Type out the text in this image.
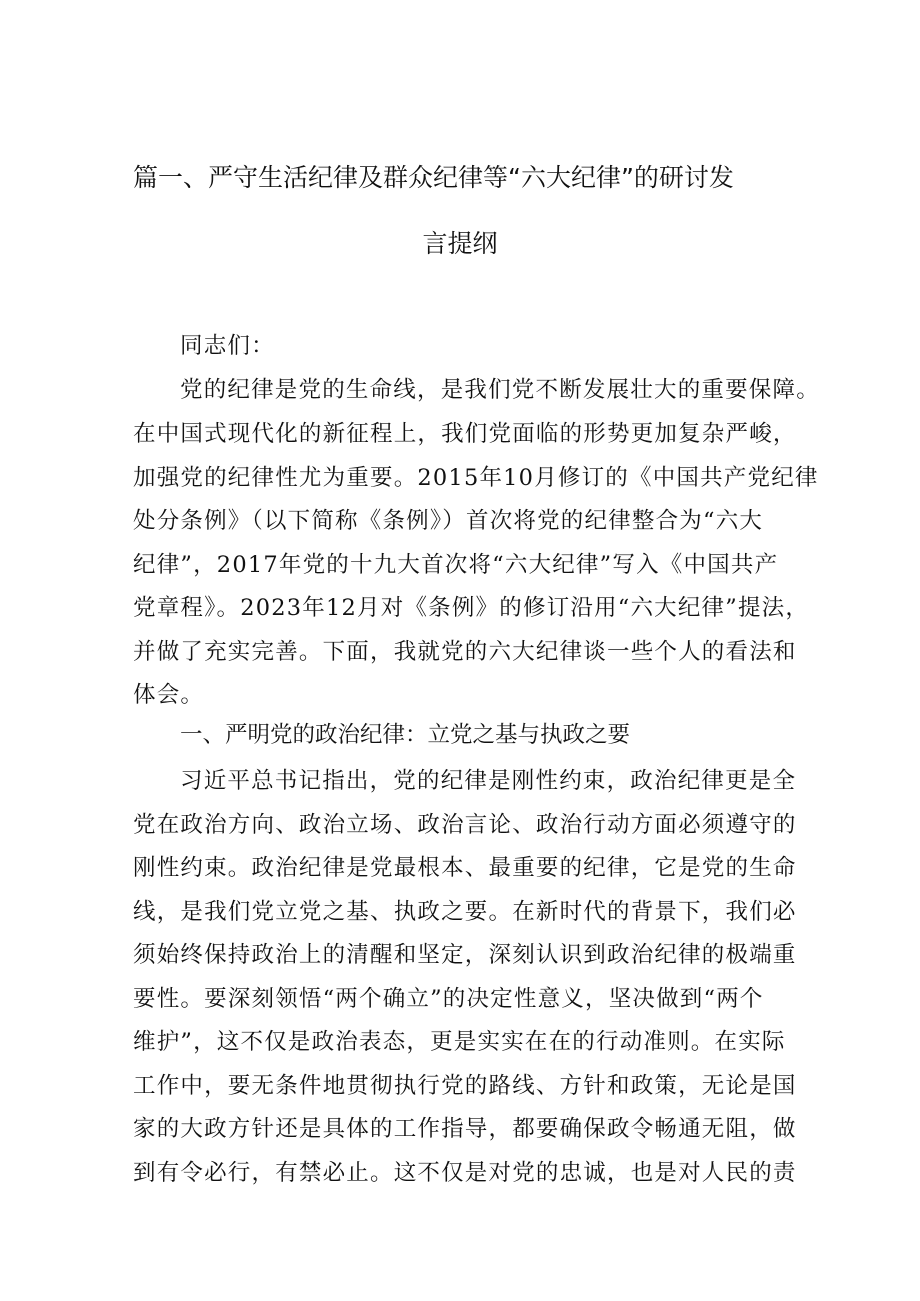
篇一、严守生活纪律及群众纪律等“六大纪律”的研讨发
言提纲
同志们：
党的纪律是党的生命线，是我们党不断发展壮大的重要保障。
在中国式现代化的新征程上，我们党面临的形势更加复杂严峻，
加强党的纪律性尤为重要。2015年10月修订的《中国共产党纪律
处分条例》（以下简称《条例》）首次将党的纪律整合为“六大
纪律”，2017年党的十九大首次将“六大纪律”写入《中国共产
党章程》。2023年12月对《条例》的修订沿用“六大纪律”提法，
并做了充实完善。下面，我就党的六大纪律谈一些个人的看法和
体会。
一、严明党的政治纪律：立党之基与执政之要
习近平总书记指出，党的纪律是刚性约束，政治纪律更是全
党在政治方向、政治立场、政治言论、政治行动方面必须遵守的
刚性约束。政治纪律是党最根本、最重要的纪律，它是党的生命
线，是我们党立党之基、执政之要。在新时代的背景下，我们必
须始终保持政治上的清醒和坚定，深刻认识到政治纪律的极端重
要性。要深刻领悟“两个确立”的决定性意义，坚决做到“两个
维护”，这不仅是政治表态，更是实实在在的行动准则。在实际
工作中，要无条件地贯彻执行党的路线、方针和政策，无论是国
家的大政方针还是具体的工作指导，都要确保政令畅通无阻，做
到有令必行，有禁必止。这不仅是对党的忠诚，也是对人民的责
